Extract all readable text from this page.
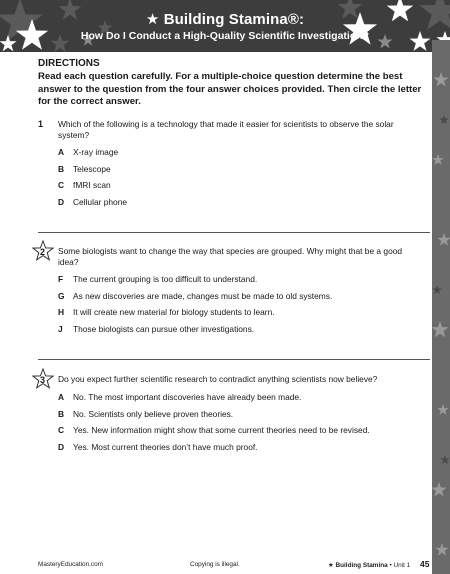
★ Building Stamina®:
How Do I Conduct a High-Quality Scientific Investigation?

DIRECTIONS

Read each question carefully. For a multiple-choice question determine the best answer to the question from the four answer choices provided. Then circle the letter for the correct answer.

1	Which of the following is a technology that made it easier for scientists to observe the solar system?
A	X-ray image
B	Telescope
C	fMRI scan
D	Cellular phone
2	Some biologists want to change the way that species are grouped. Why might that be a good idea?
F	The current grouping is too difficult to understand.
G	As new discoveries are made, changes must be made to old systems.
H	It will create new material for biology students to learn.
J	Those biologists can pursue other investigations.
3	Do you expect further scientific research to contradict anything scientists now believe?
A	No. The most important discoveries have already been made.
B	No. Scientists only believe proven theories.
C	Yes. New information might show that some current theories need to be revised.
D	Yes. Most current theories don’t have much proof.
MasteryEducation.com	Copying is illegal.	★ Building Stamina • Unit 1 45
